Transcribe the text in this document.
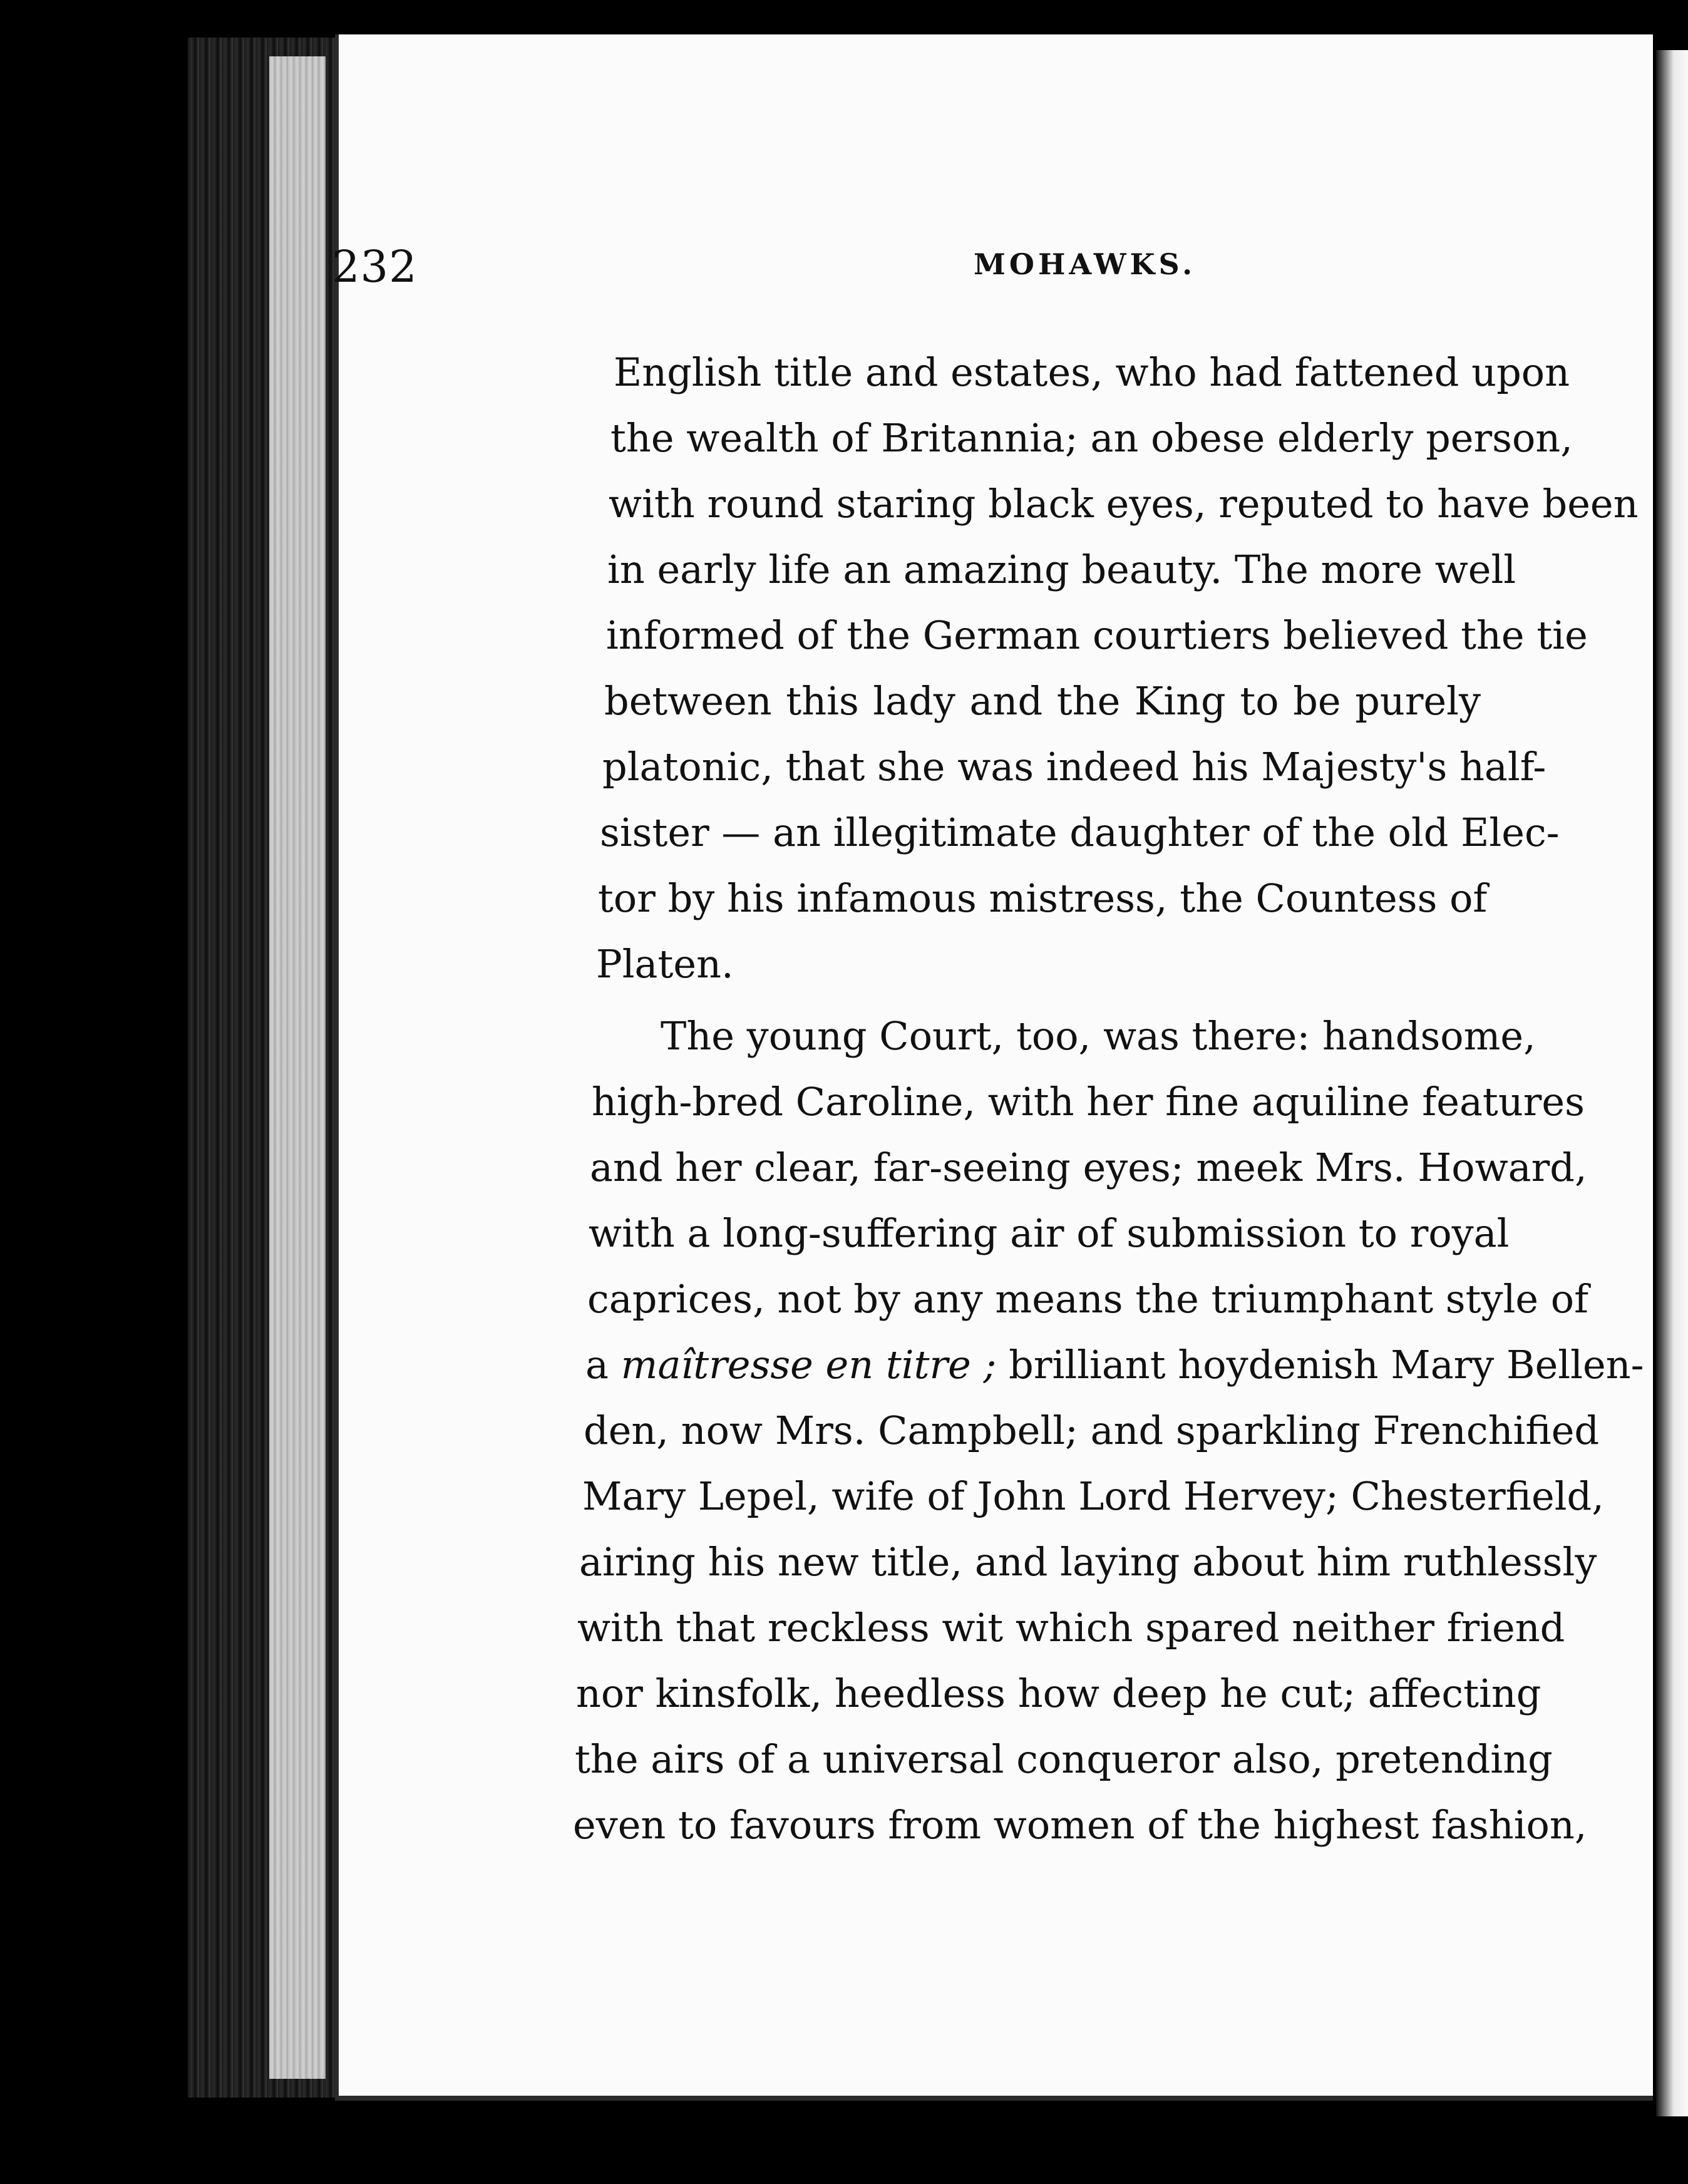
232	MOHAWKS.
English title and estates, who had fattened upon
the wealth of Britannia; an obese elderly person,
with round staring black eyes, reputed to have been
in early life an amazing beauty. The more well
informed of the German courtiers believed the tie
between this lady and the King to be purely
platonic, that she was indeed his Majesty's half-
sister — an illegitimate daughter of the old Elec-
tor by his infamous mistress, the Countess of
Platen.
The young Court, too, was there: handsome,
high-bred Caroline, with her fine aquiline features
and her clear, far-seeing eyes; meek Mrs. Howard,
with a long-suffering air of submission to royal
caprices, not by any means the triumphant style of
a maîtresse en titre ; brilliant hoydenish Mary Bellen-
den, now Mrs. Campbell; and sparkling Frenchified
Mary Lepel, wife of John Lord Hervey; Chesterfield,
airing his new title, and laying about him ruthlessly
with that reckless wit which spared neither friend
nor kinsfolk, heedless how deep he cut; affecting
the airs of a universal conqueror also, pretending
even to favours from women of the highest fashion,
